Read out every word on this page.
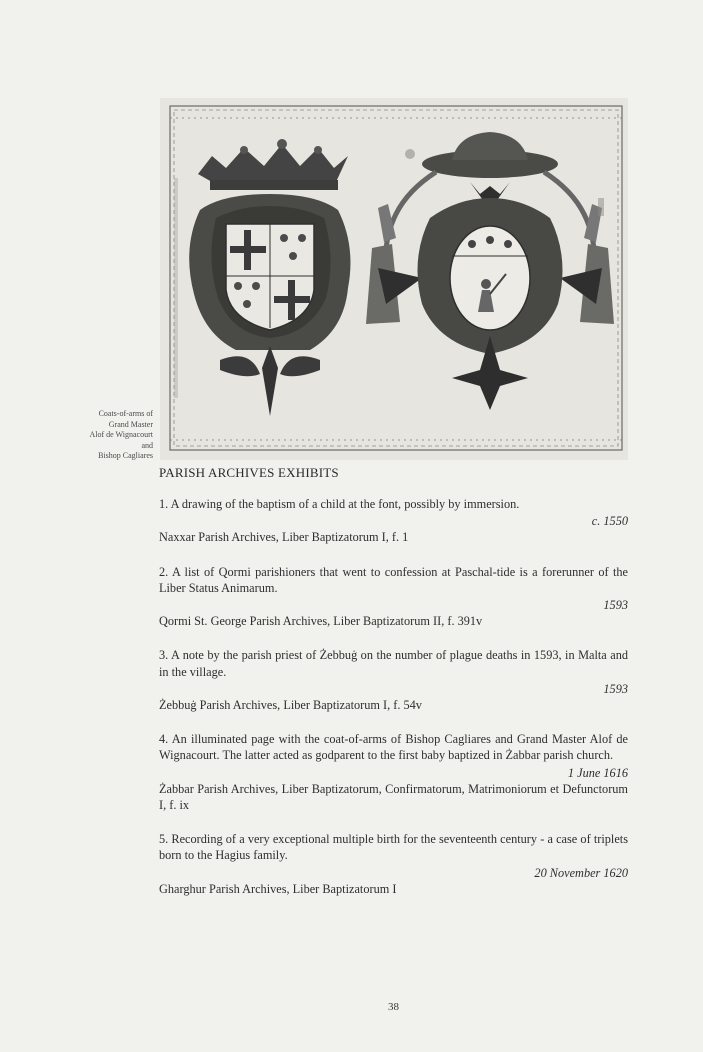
Coats-of-arms of
Grand Master
Alof de Wignacourt
and
Bishop Cagliares
PARISH ARCHIVES EXHIBITS

1. A drawing of the baptism of a child at the font, possibly by immersion.

c. 1550

Naxxar Parish Archives, Liber Baptizatorum I, f. 1

2. A list of Qormi parishioners that went to confession at Paschal-tide is a forerunner of the Liber Status Animarum.

1593

Qormi St. George Parish Archives, Liber Baptizatorum II, f. 391v

3. A note by the parish priest of Żebbuġ on the number of plague deaths in 1593, in Malta and in the village.

1593

Żebbuġ Parish Archives, Liber Baptizatorum I, f. 54v

4. An illuminated page with the coat-of-arms of Bishop Cagliares and Grand Master Alof de Wignacourt. The latter acted as godparent to the first baby baptized in Żabbar parish church.

1 June 1616

Żabbar Parish Archives, Liber Baptizatorum, Confirmatorum, Matrimoniorum et Defunctorum I, f. ix

5. Recording of a very exceptional multiple birth for the seventeenth century - a case of triplets born to the Hagius family.

20 November 1620

Gharghur Parish Archives, Liber Baptizatorum I

38
